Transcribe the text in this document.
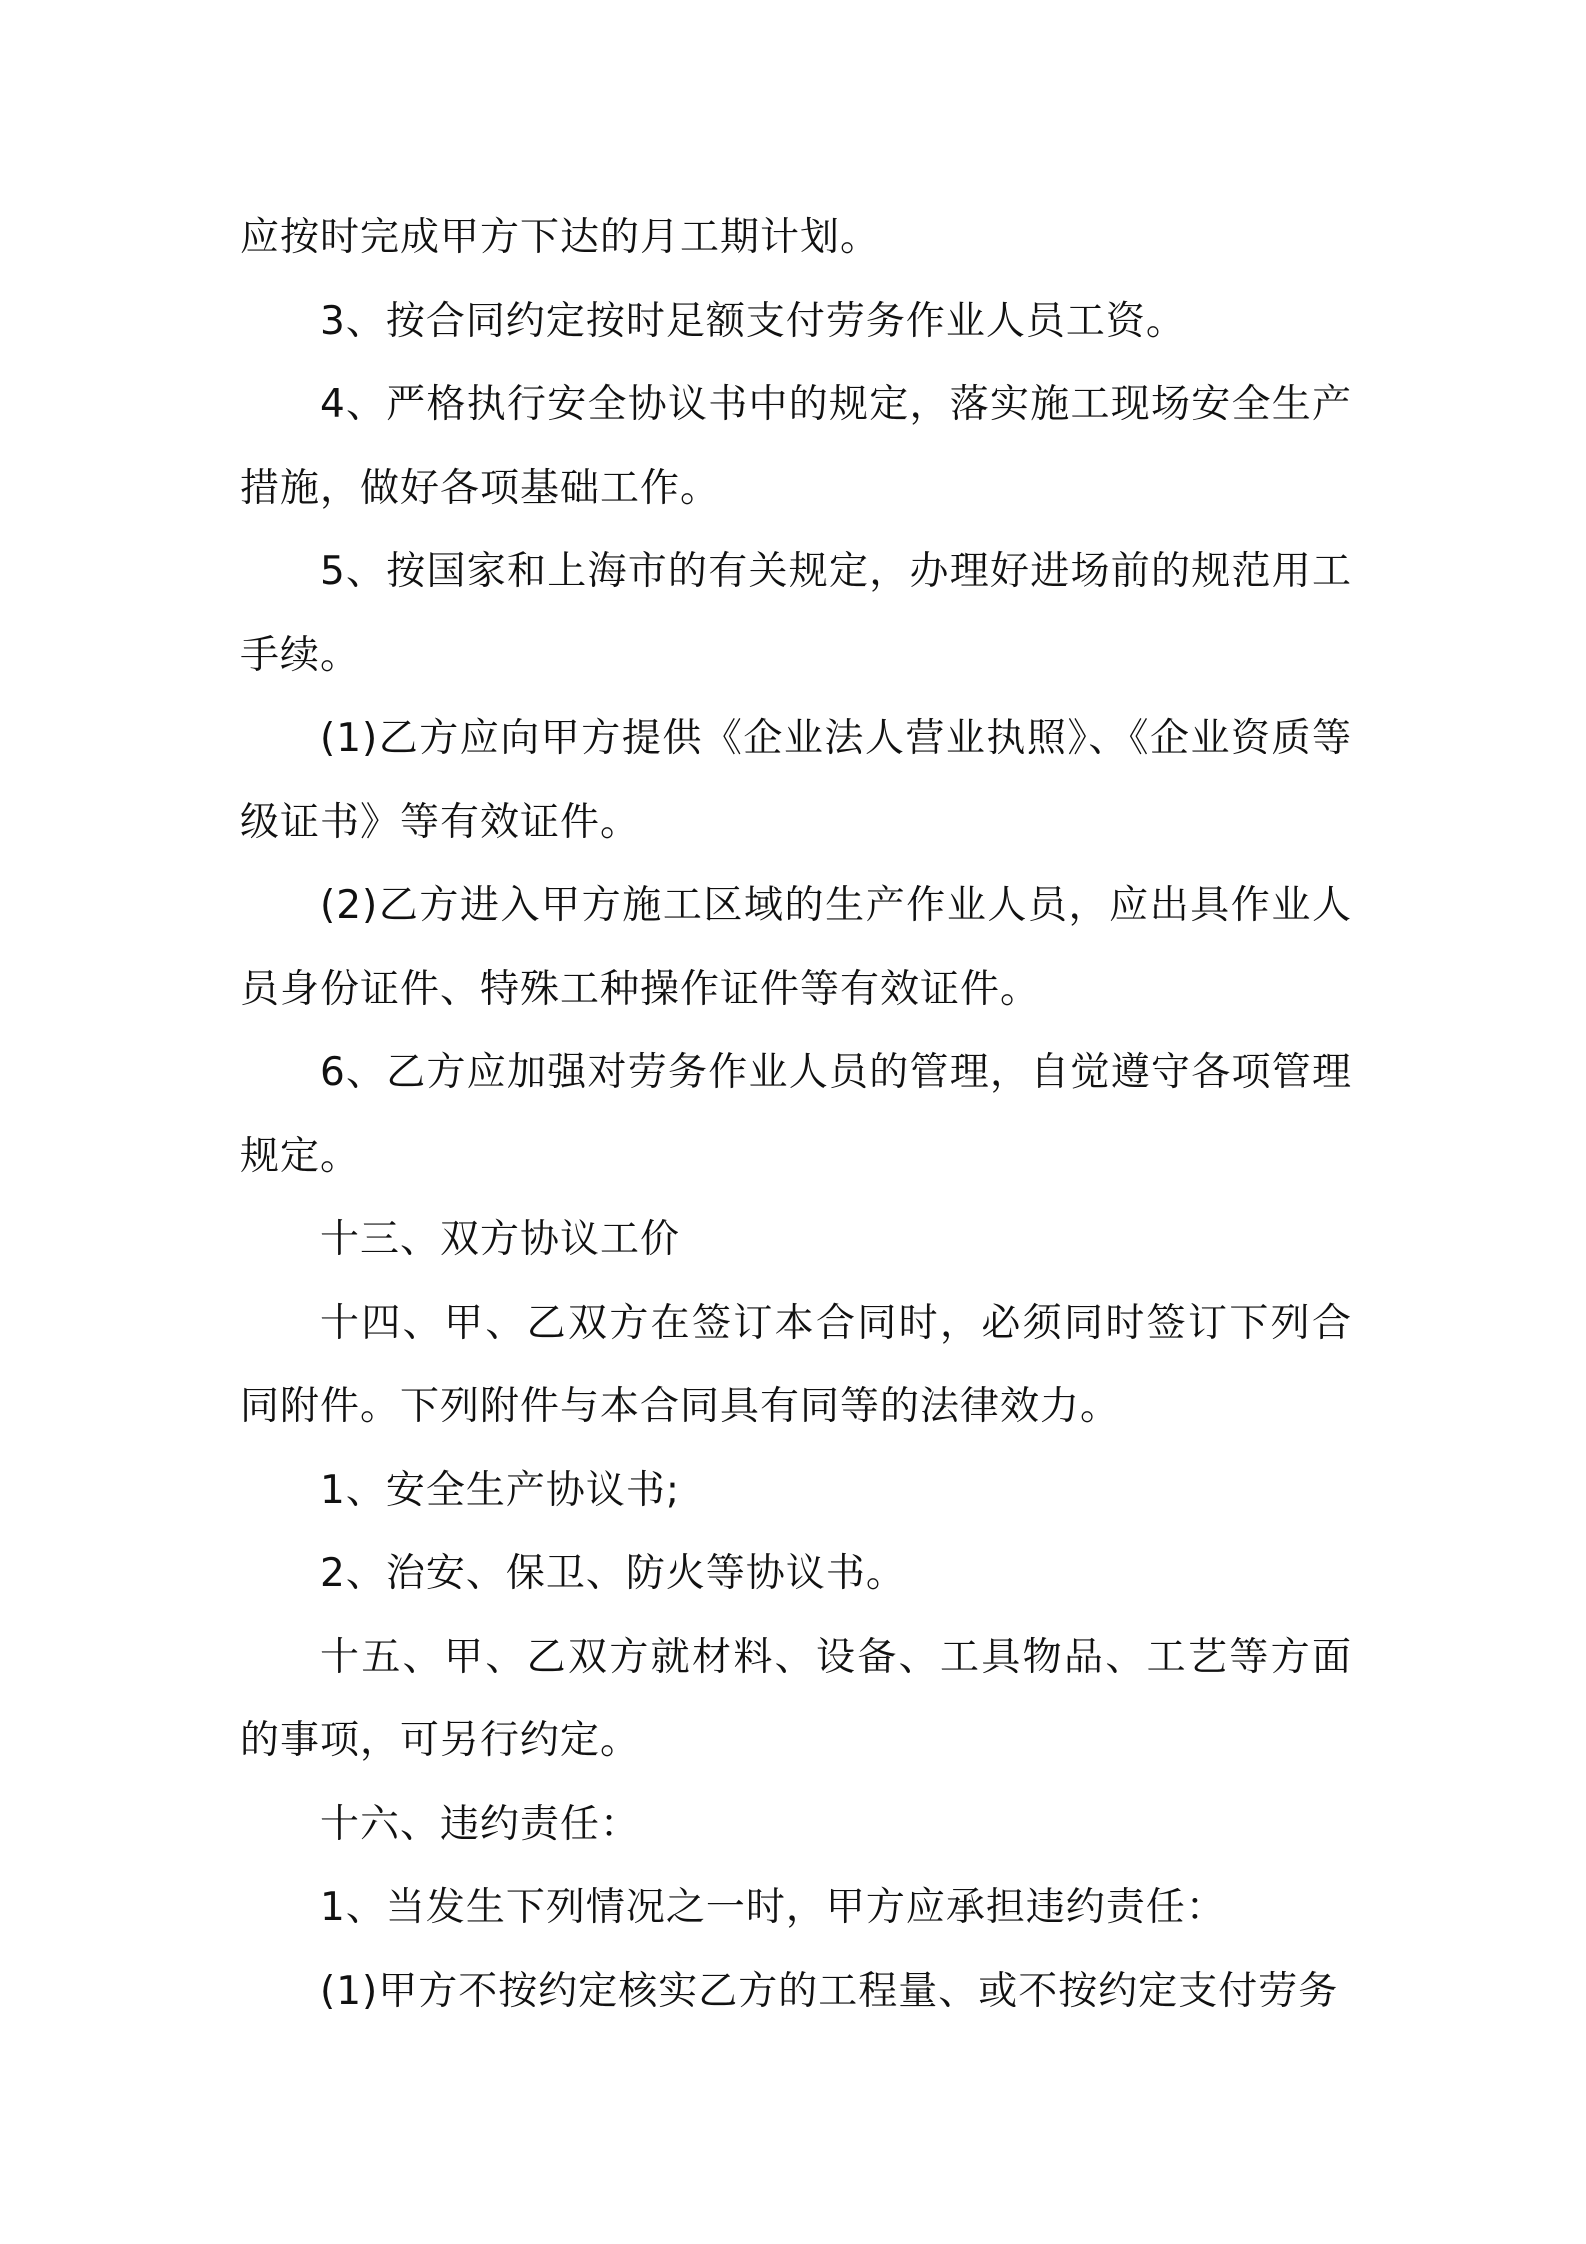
应按时完成甲方下达的月工期计划。

3、按合同约定按时足额支付劳务作业人员工资。

4、严格执行安全协议书中的规定，落实施工现场安全生产措施，做好各项基础工作。

5、按国家和上海市的有关规定，办理好进场前的规范用工手续。

(1)乙方应向甲方提供《企业法人营业执照》、《企业资质等级证书》等有效证件。

(2)乙方进入甲方施工区域的生产作业人员，应出具作业人员身份证件、特殊工种操作证件等有效证件。

6、乙方应加强对劳务作业人员的管理，自觉遵守各项管理规定。

十三、双方协议工价

十四、甲、乙双方在签订本合同时，必须同时签订下列合同附件。下列附件与本合同具有同等的法律效力。

1、安全生产协议书;

2、治安、保卫、防火等协议书。

十五、甲、乙双方就材料、设备、工具物品、工艺等方面的事项，可另行约定。

十六、违约责任：

1、当发生下列情况之一时，甲方应承担违约责任：

(1)甲方不按约定核实乙方的工程量、或不按约定支付劳务
